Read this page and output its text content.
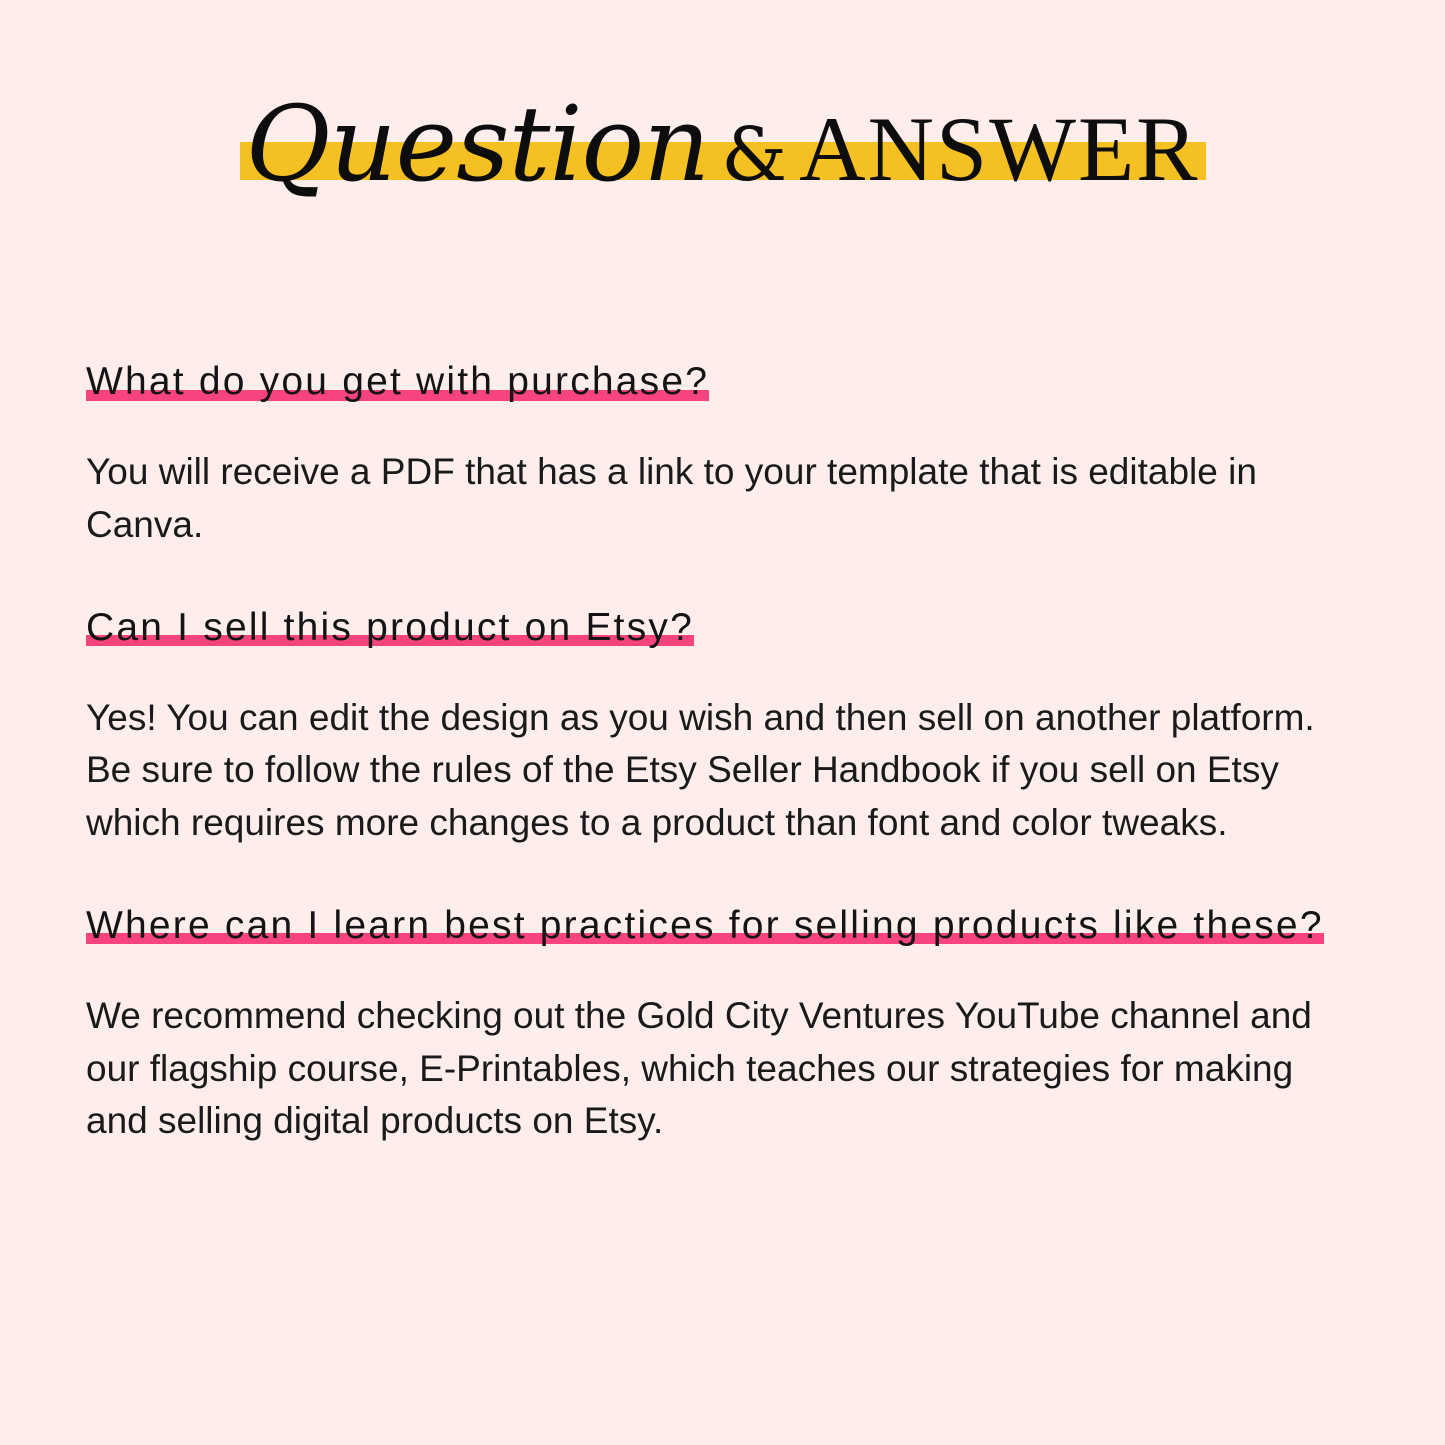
Question & ANSWER
What do you get with purchase?

You will receive a PDF that has a link to your template that is editable in Canva.

Can I sell this product on Etsy?

Yes! You can edit the design as you wish and then sell on another platform. Be sure to follow the rules of the Etsy Seller Handbook if you sell on Etsy which requires more changes to a product than font and color tweaks.

Where can I learn best practices for selling products like these?

We recommend checking out the Gold City Ventures YouTube channel and our flagship course, E-Printables, which teaches our strategies for making and selling digital products on Etsy.
